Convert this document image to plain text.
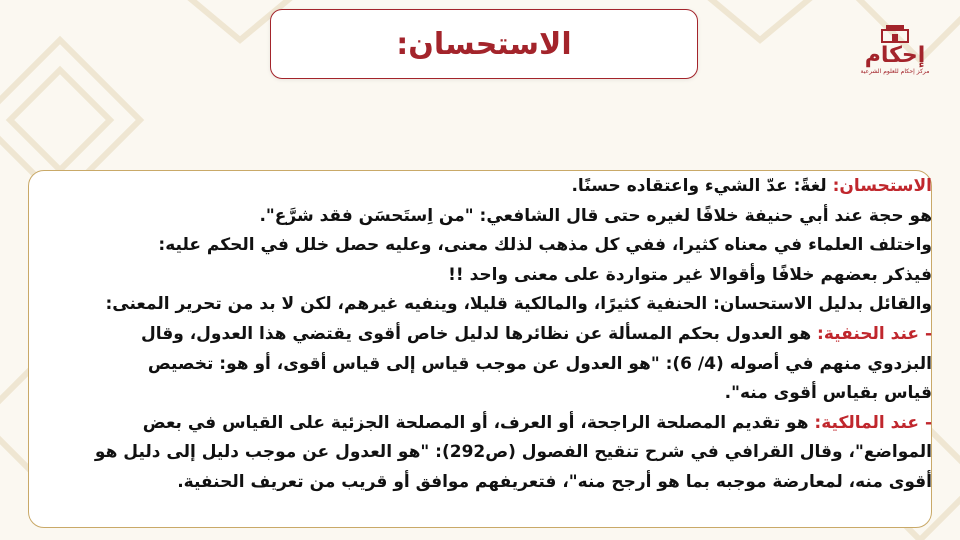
الاستحسان:	إحكام
مركز إحكام للعلوم الشرعية
الاستحسان: لغةً: عدّ الشيء واعتقاده حسنًا.
هو حجة عند أبي حنيفة خلافًا لغيره حتى قال الشافعي: "من اِستَحسَن فقد شرَّع".
واختلف العلماء في معناه كثيرا، ففي كل مذهب لذلك معنى، وعليه حصل خلل في الحكم عليه:
فيذكر بعضهم خلافًا وأقوالا غير متواردة على معنى واحد !!
والقائل بدليل الاستحسان: الحنفية كثيرًا، والمالكية قليلا، وينفيه غيرهم، لكن لا بد من تحرير المعنى:
- عند الحنفية: هو العدول بحكم المسألة عن نظائرها لدليل خاص أقوى يقتضي هذا العدول، وقال
البزدوي منهم في أصوله (4/ 6): "هو العدول عن موجب قياس إلى قياس أقوى، أو هو: تخصيص
قياس بقياس أقوى منه".
- عند المالكية: هو تقديم المصلحة الراجحة، أو العرف، أو المصلحة الجزئية على القياس في بعض
المواضع"، وقال القرافي في شرح تنقيح الفصول (ص292): "هو العدول عن موجب دليل إلى دليل هو
أقوى منه، لمعارضة موجبه بما هو أرجح منه"، فتعريفهم موافق أو قريب من تعريف الحنفية.
